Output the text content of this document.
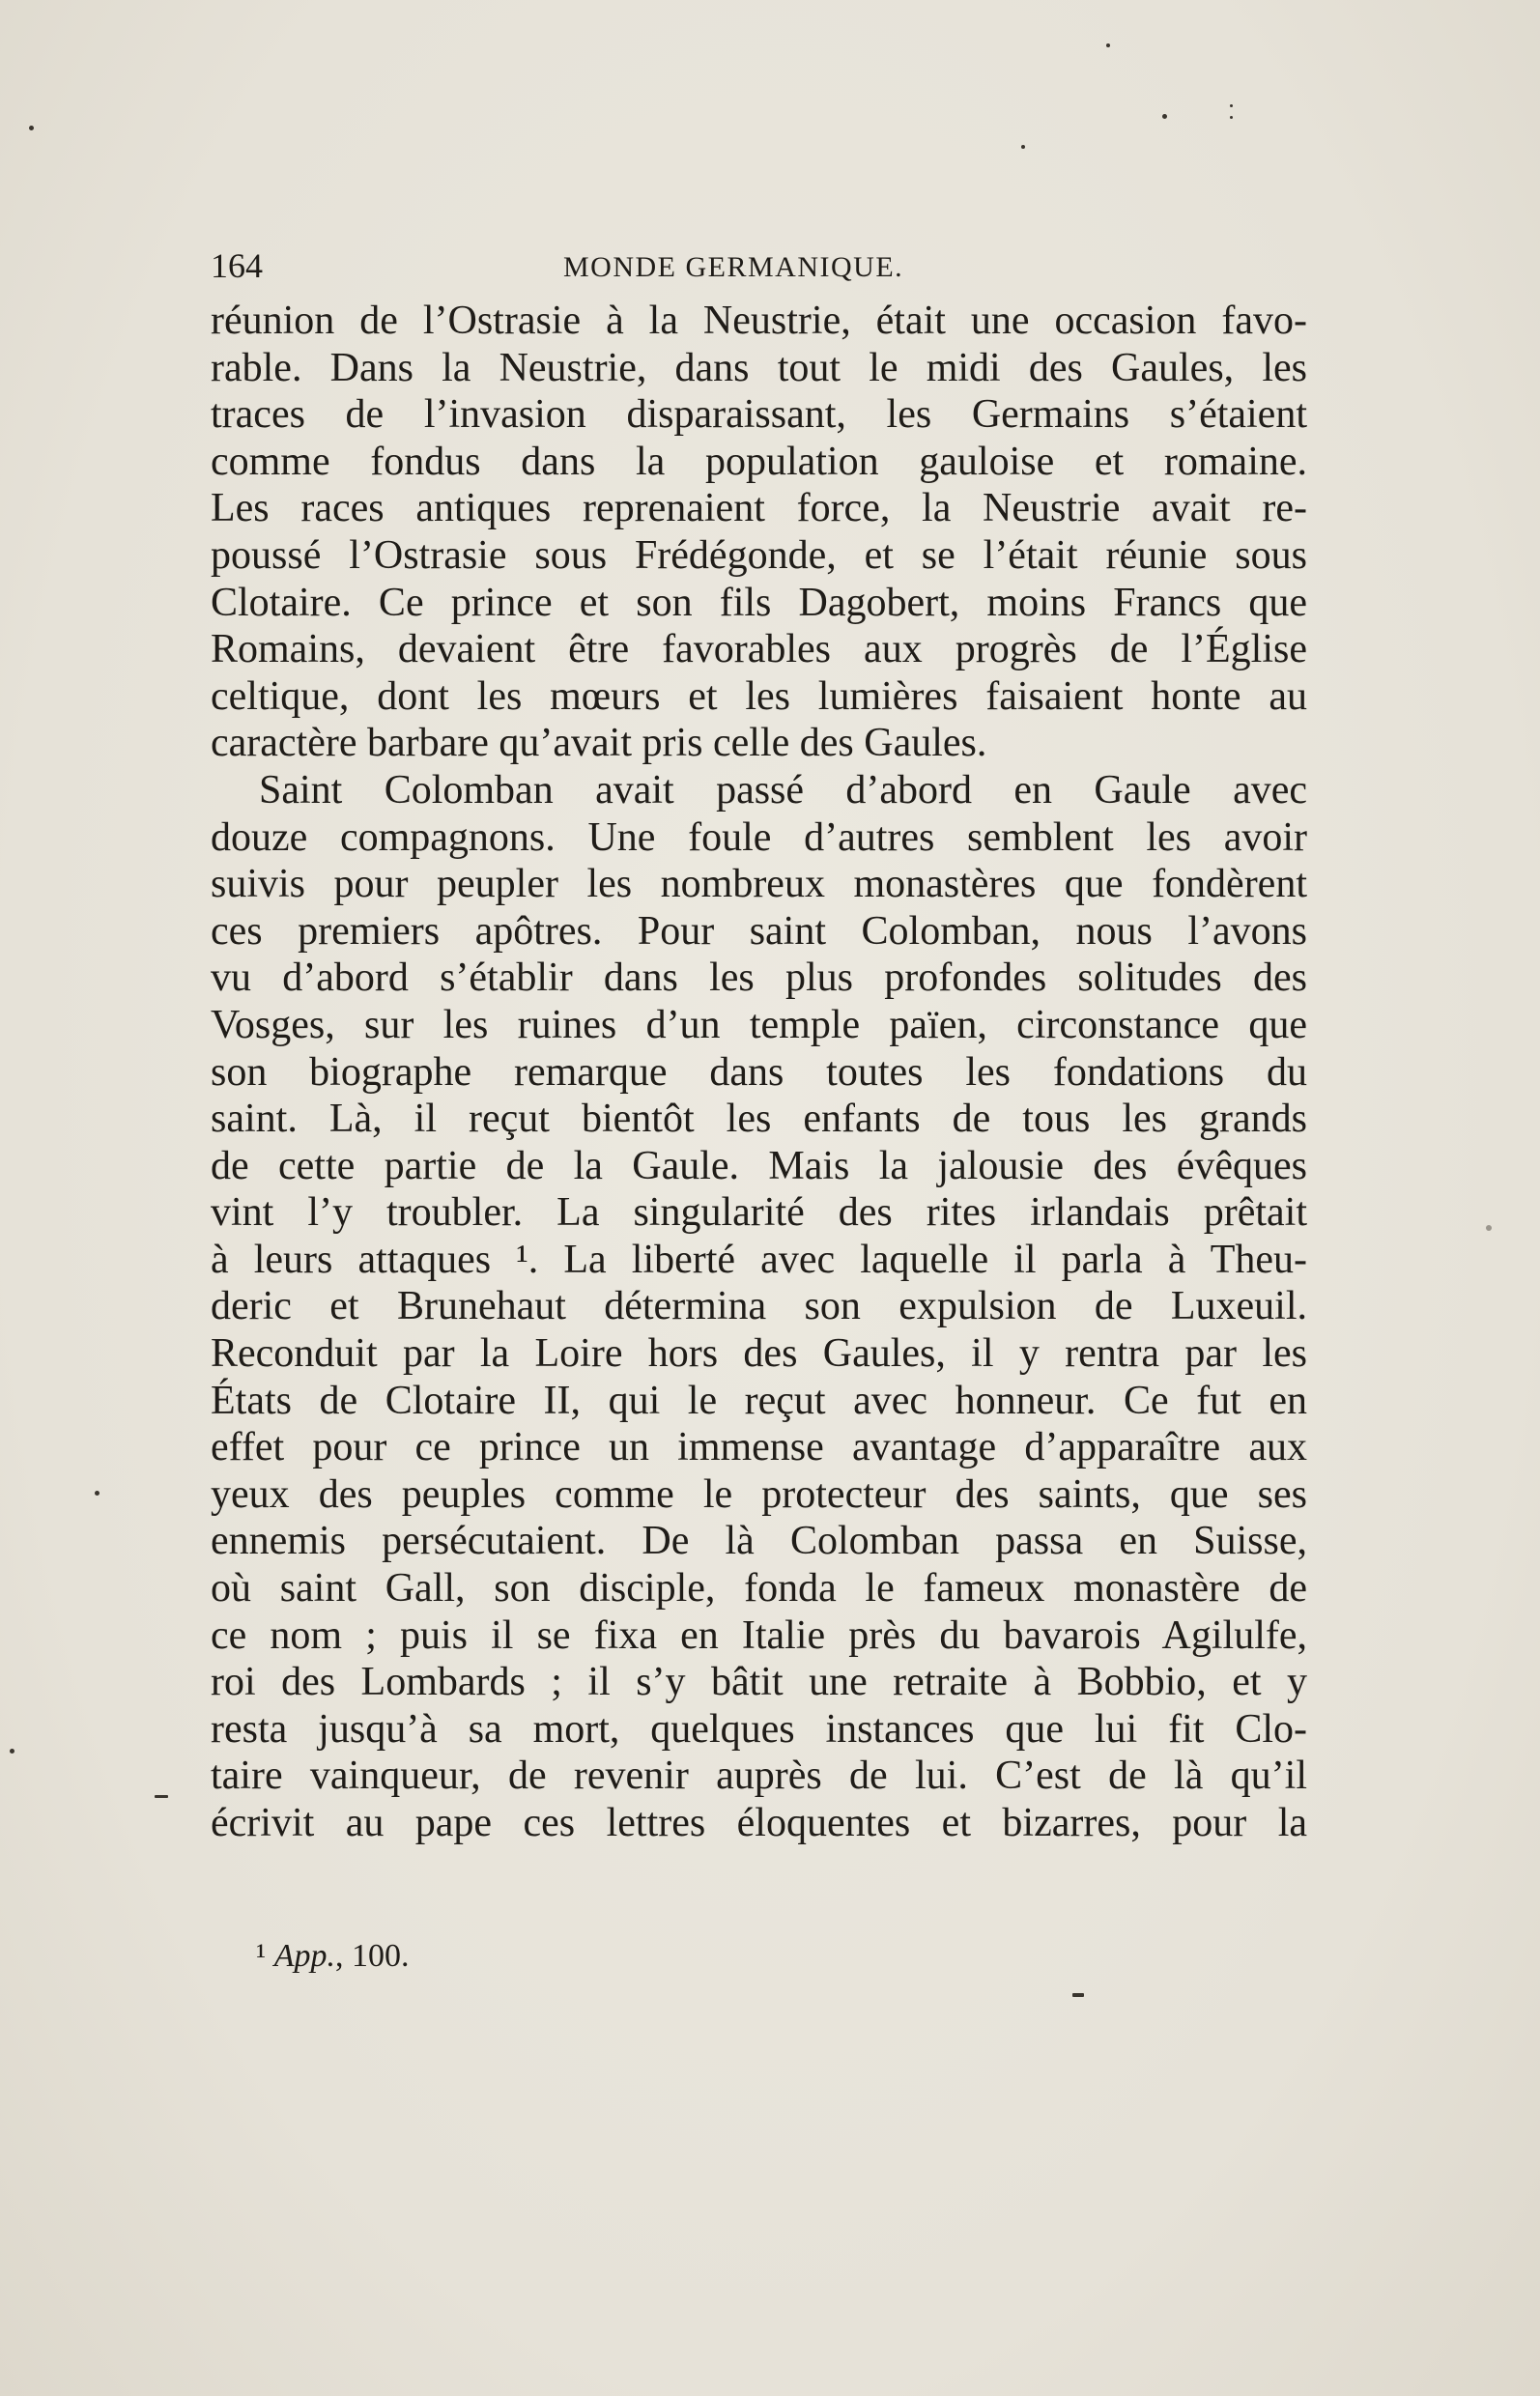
164	MONDE GERMANIQUE.
réunion de l’Ostrasie à la Neustrie, était une occasion favo-
rable. Dans la Neustrie, dans tout le midi des Gaules, les
traces de l’invasion disparaissant, les Germains s’étaient
comme fondus dans la population gauloise et romaine.
Les races antiques reprenaient force, la Neustrie avait re-
poussé l’Ostrasie sous Frédégonde, et se l’était réunie sous
Clotaire. Ce prince et son fils Dagobert, moins Francs que
Romains, devaient être favorables aux progrès de l’Église
celtique, dont les mœurs et les lumières faisaient honte au
caractère barbare qu’avait pris celle des Gaules.
Saint Colomban avait passé d’abord en Gaule avec
douze compagnons. Une foule d’autres semblent les avoir
suivis pour peupler les nombreux monastères que fondèrent
ces premiers apôtres. Pour saint Colomban, nous l’avons
vu d’abord s’établir dans les plus profondes solitudes des
Vosges, sur les ruines d’un temple païen, circonstance que
son biographe remarque dans toutes les fondations du
saint. Là, il reçut bientôt les enfants de tous les grands
de cette partie de la Gaule. Mais la jalousie des évêques
vint l’y troubler. La singularité des rites irlandais prêtait
à leurs attaques ¹. La liberté avec laquelle il parla à Theu-
deric et Brunehaut détermina son expulsion de Luxeuil.
Reconduit par la Loire hors des Gaules, il y rentra par les
États de Clotaire II, qui le reçut avec honneur. Ce fut en
effet pour ce prince un immense avantage d’apparaître aux
yeux des peuples comme le protecteur des saints, que ses
ennemis persécutaient. De là Colomban passa en Suisse,
où saint Gall, son disciple, fonda le fameux monastère de
ce nom ; puis il se fixa en Italie près du bavarois Agilulfe,
roi des Lombards ; il s’y bâtit une retraite à Bobbio, et y
resta jusqu’à sa mort, quelques instances que lui fit Clo-
taire vainqueur, de revenir auprès de lui. C’est de là qu’il
écrivit au pape ces lettres éloquentes et bizarres, pour la
¹ App., 100.
